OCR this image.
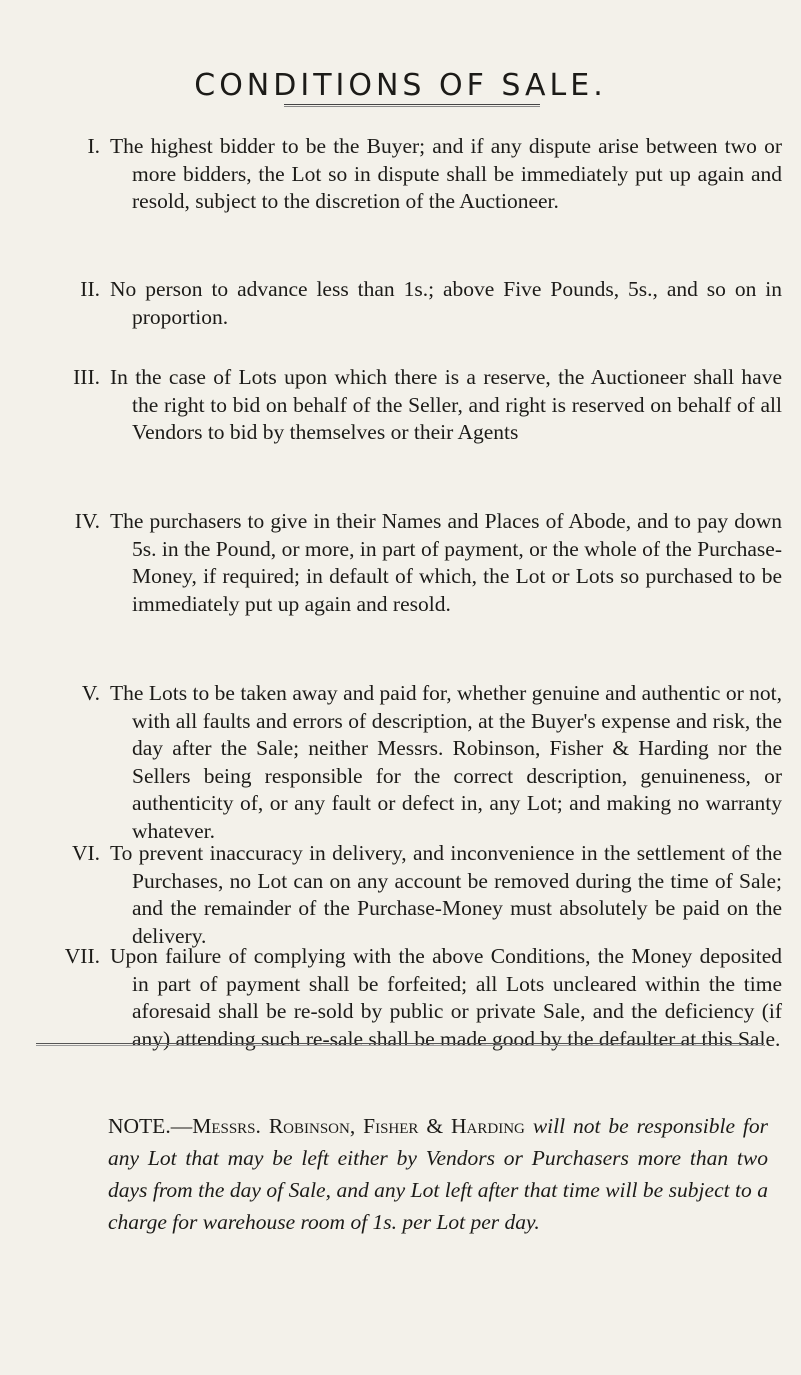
CONDITIONS OF SALE.
I. The highest bidder to be the Buyer; and if any dispute arise between two or more bidders, the Lot so in dispute shall be immediately put up again and resold, subject to the discretion of the Auctioneer.
II. No person to advance less than 1s.; above Five Pounds, 5s., and so on in proportion.
III. In the case of Lots upon which there is a reserve, the Auctioneer shall have the right to bid on behalf of the Seller, and right is reserved on behalf of all Vendors to bid by themselves or their Agents
IV. The purchasers to give in their Names and Places of Abode, and to pay down 5s. in the Pound, or more, in part of payment, or the whole of the Purchase-Money, if required; in default of which, the Lot or Lots so purchased to be immediately put up again and resold.
V. The Lots to be taken away and paid for, whether genuine and authentic or not, with all faults and errors of description, at the Buyer's expense and risk, the day after the Sale; neither Messrs. Robinson, Fisher & Harding nor the Sellers being responsible for the correct description, genuineness, or authenticity of, or any fault or defect in, any Lot; and making no warranty whatever.
VI. To prevent inaccuracy in delivery, and inconvenience in the settlement of the Purchases, no Lot can on any account be removed during the time of Sale; and the remainder of the Purchase-Money must absolutely be paid on the delivery.
VII. Upon failure of complying with the above Conditions, the Money deposited in part of payment shall be forfeited; all Lots uncleared within the time aforesaid shall be re-sold by public or private Sale, and the deficiency (if any) attending such re-sale shall be made good by the defaulter at this Sale.

NOTE.—Messrs. Robinson, Fisher & Harding will not be responsible for any Lot that may be left either by Vendors or Purchasers more than two days from the day of Sale, and any Lot left after that time will be subject to a charge for warehouse room of 1s. per Lot per day.
